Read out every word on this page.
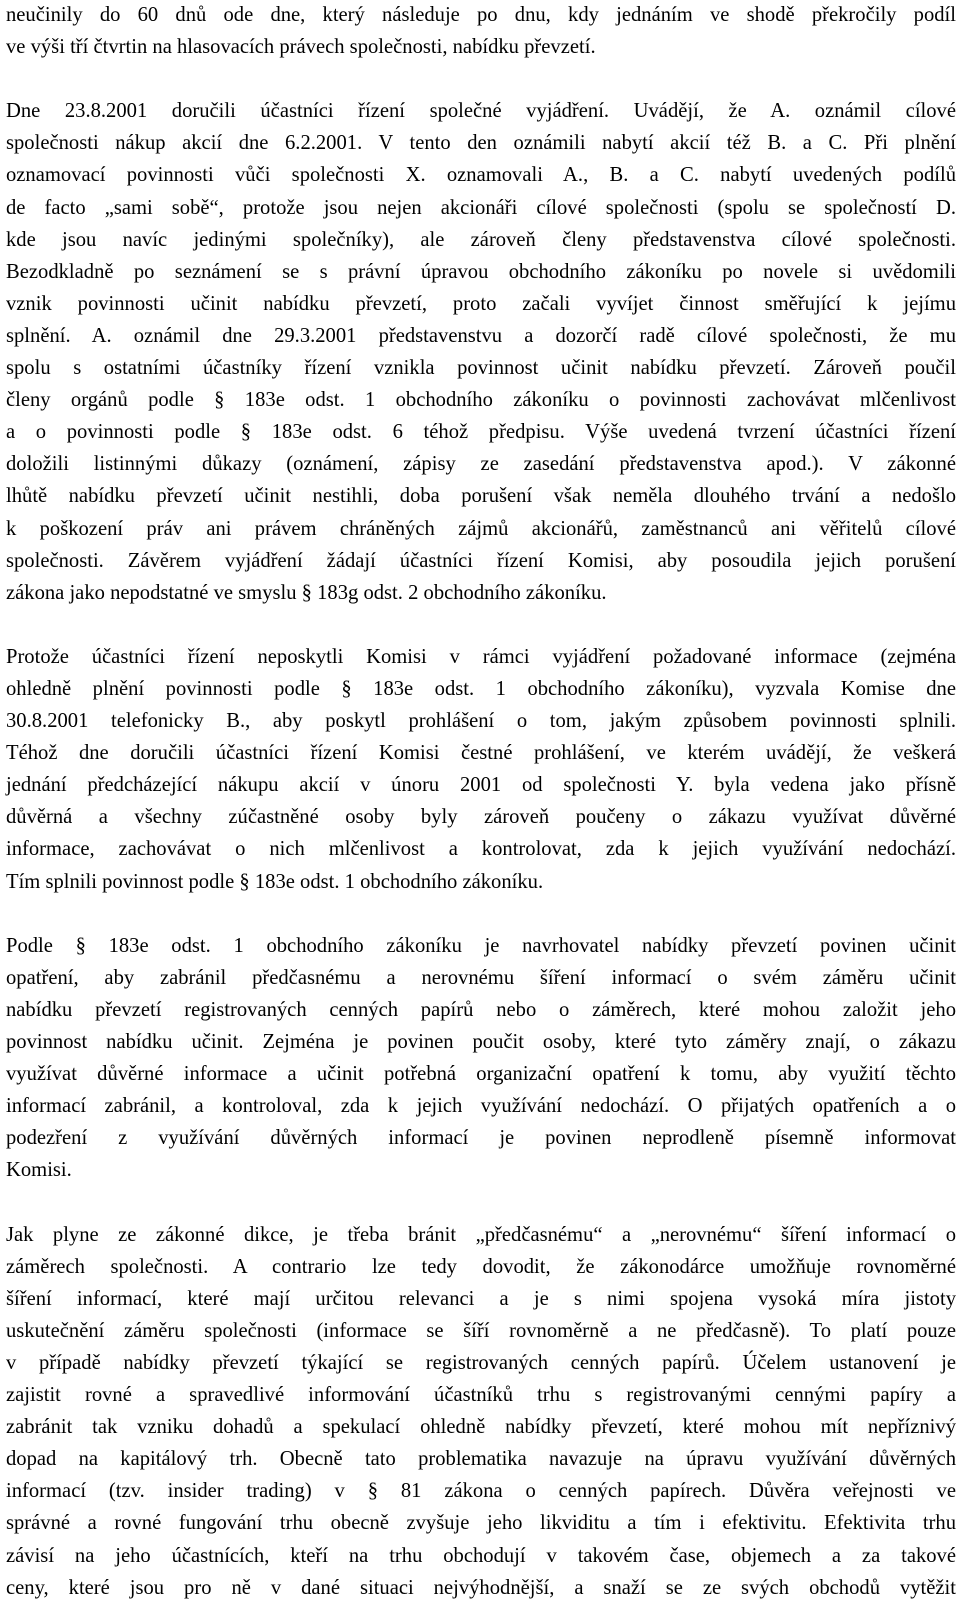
neučinily do 60 dnů ode dne, který následuje po dnu, kdy jednáním ve shodě překročily podíl
ve výši tří čtvrtin na hlasovacích právech společnosti, nabídku převzetí.
Dne 23.8.2001 doručili účastníci řízení společné vyjádření. Uvádějí, že A. oznámil cílové
společnosti nákup akcií dne 6.2.2001. V tento den oznámili nabytí akcií též B. a C. Při plnění
oznamovací povinnosti vůči společnosti X. oznamovali A., B. a C. nabytí uvedených podílů
de facto „sami sobě“, protože jsou nejen akcionáři cílové společnosti (spolu se společností D.
kde jsou navíc jedinými společníky), ale zároveň členy představenstva cílové společnosti.
Bezodkladně po seznámení se s právní úpravou obchodního zákoníku po novele si uvědomili
vznik povinnosti učinit nabídku převzetí, proto začali vyvíjet činnost směřující k jejímu
splnění. A. oznámil dne 29.3.2001 představenstvu a dozorčí radě cílové společnosti, že mu
spolu s ostatními účastníky řízení vznikla povinnost učinit nabídku převzetí. Zároveň poučil
členy orgánů podle § 183e odst. 1 obchodního zákoníku o povinnosti zachovávat mlčenlivost
a o povinnosti podle § 183e odst. 6 téhož předpisu. Výše uvedená tvrzení účastníci řízení
doložili listinnými důkazy (oznámení, zápisy ze zasedání představenstva apod.). V zákonné
lhůtě nabídku převzetí učinit nestihli, doba porušení však neměla dlouhého trvání a nedošlo
k poškození práv ani právem chráněných zájmů akcionářů, zaměstnanců ani věřitelů cílové
společnosti. Závěrem vyjádření žádají účastníci řízení Komisi, aby posoudila jejich porušení
zákona jako nepodstatné ve smyslu § 183g odst. 2 obchodního zákoníku.
Protože účastníci řízení neposkytli Komisi v rámci vyjádření požadované informace (zejména
ohledně plnění povinnosti podle § 183e odst. 1 obchodního zákoníku), vyzvala Komise dne
30.8.2001 telefonicky B., aby poskytl prohlášení o tom, jakým způsobem povinnosti splnili.
Téhož dne doručili účastníci řízení Komisi čestné prohlášení, ve kterém uvádějí, že veškerá
jednání předcházející nákupu akcií v únoru 2001 od společnosti Y. byla vedena jako přísně
důvěrná a všechny zúčastněné osoby byly zároveň poučeny o zákazu využívat důvěrné
informace, zachovávat o nich mlčenlivost a kontrolovat, zda k jejich využívání nedochází.
Tím splnili povinnost podle § 183e odst. 1 obchodního zákoníku.
Podle § 183e odst. 1 obchodního zákoníku je navrhovatel nabídky převzetí povinen učinit
opatření, aby zabránil předčasnému a nerovnému šíření informací o svém záměru učinit
nabídku převzetí registrovaných cenných papírů nebo o záměrech, které mohou založit jeho
povinnost nabídku učinit. Zejména je povinen poučit osoby, které tyto záměry znají, o zákazu
využívat důvěrné informace a učinit potřebná organizační opatření k tomu, aby využití těchto
informací zabránil, a kontroloval, zda k jejich využívání nedochází. O přijatých opatřeních a o
podezření z využívání důvěrných informací je povinen neprodleně písemně informovat
Komisi.
Jak plyne ze zákonné dikce, je třeba bránit „předčasnému“ a „nerovnému“ šíření informací o
záměrech společnosti. A contrario lze tedy dovodit, že zákonodárce umožňuje rovnoměrné
šíření informací, které mají určitou relevanci a je s nimi spojena vysoká míra jistoty
uskutečnění záměru společnosti (informace se šíří rovnoměrně a ne předčasně). To platí pouze
v případě nabídky převzetí týkající se registrovaných cenných papírů. Účelem ustanovení je
zajistit rovné a spravedlivé informování účastníků trhu s registrovanými cennými papíry a
zabránit tak vzniku dohadů a spekulací ohledně nabídky převzetí, které mohou mít nepříznivý
dopad na kapitálový trh. Obecně tato problematika navazuje na úpravu využívání důvěrných
informací (tzv. insider trading) v § 81 zákona o cenných papírech. Důvěra veřejnosti ve
správné a rovné fungování trhu obecně zvyšuje jeho likviditu a tím i efektivitu. Efektivita trhu
závisí na jeho účastnících, kteří na trhu obchodují v takovém čase, objemech a za takové
ceny, které jsou pro ně v dané situaci nejvýhodnější, a snaží se ze svých obchodů vytěžit
